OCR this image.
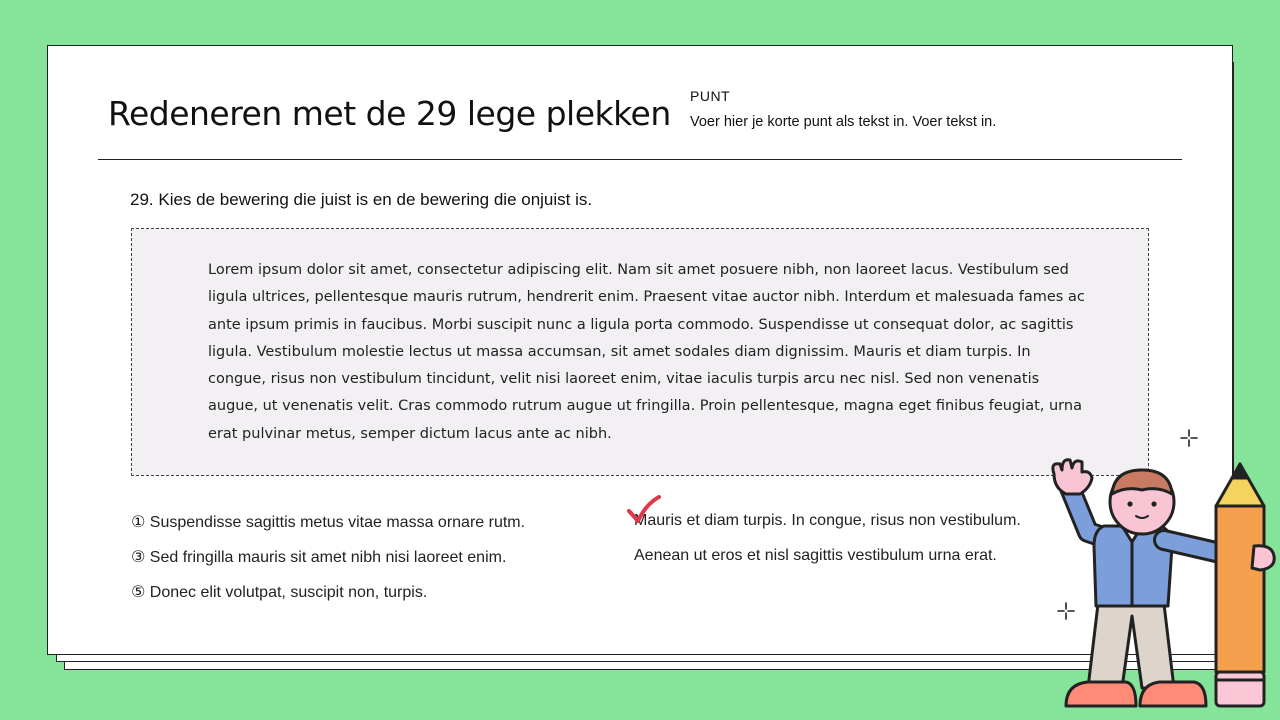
Redeneren met de 29 lege plekken PUNT
Voer hier je korte punt als tekst in. Voer tekst in.
29. Kies de bewering die juist is en de bewering die onjuist is.
Lorem ipsum dolor sit amet, consectetur adipiscing elit. Nam sit amet posuere nibh, non laoreet lacus. Vestibulum sed ligula ultrices, pellentesque mauris rutrum, hendrerit enim. Praesent vitae auctor nibh. Interdum et malesuada fames ac ante ipsum primis in faucibus. Morbi suscipit nunc a ligula porta commodo. Suspendisse ut consequat dolor, ac sagittis ligula. Vestibulum molestie lectus ut massa accumsan, sit amet sodales diam dignissim. Mauris et diam turpis. In congue, risus non vestibulum tincidunt, velit nisi laoreet enim, vitae iaculis turpis arcu nec nisl. Sed non venenatis augue, ut venenatis velit. Cras commodo rutrum augue ut fringilla. Proin pellentesque, magna eget finibus feugiat, urna erat pulvinar metus, semper dictum lacus ante ac nibh.
① Suspendisse sagittis metus vitae massa ornare rutm.
③ Sed fringilla mauris sit amet nibh nisi laoreet enim.
⑤ Donec elit volutpat, suscipit non, turpis.
Mauris et diam turpis. In congue, risus non vestibulum.
Aenean ut eros et nisl sagittis vestibulum urna erat.
